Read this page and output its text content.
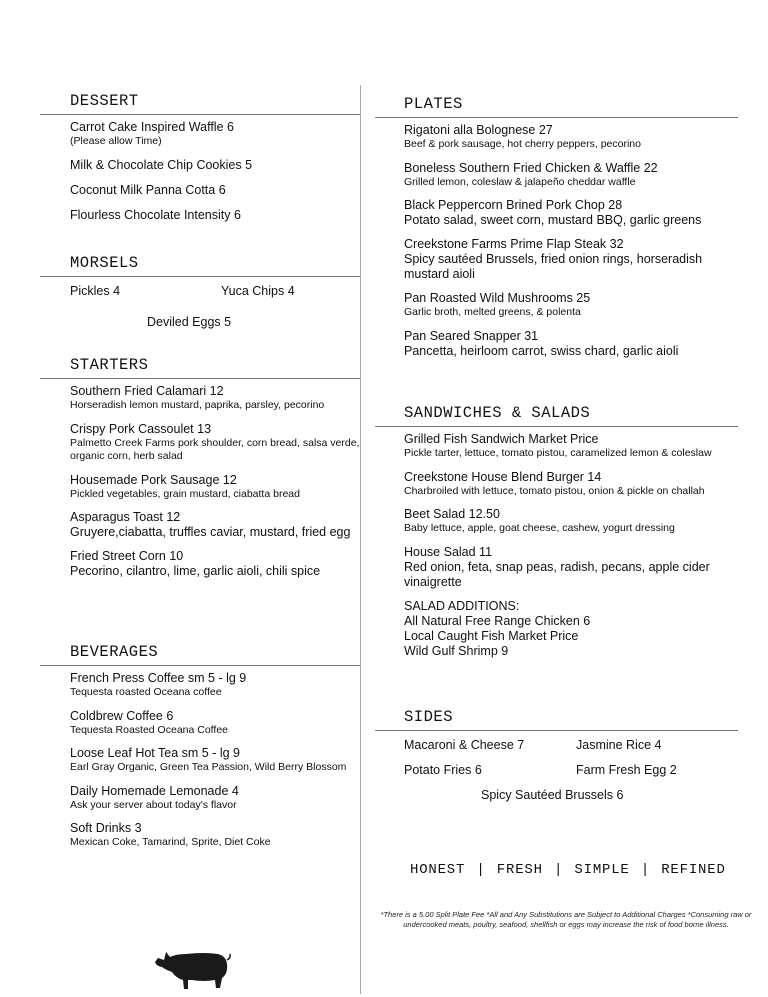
DESSERT
Carrot Cake Inspired Waffle 6
(Please allow Time)
Milk & Chocolate Chip Cookies 5
Coconut Milk Panna Cotta 6
Flourless Chocolate Intensity 6
MORSELS
Pickles 4	Yuca Chips 4
Deviled Eggs 5
STARTERS
Southern Fried Calamari 12
Horseradish lemon mustard, paprika, parsley, pecorino
Crispy Pork Cassoulet 13
Palmetto Creek Farms pork shoulder, corn bread, salsa verde, organic corn, herb salad
Housemade Pork Sausage 12
Pickled vegetables, grain mustard, ciabatta bread
Asparagus Toast 12
Gruyere,ciabatta, truffles caviar, mustard, fried egg
Fried Street Corn 10
Pecorino, cilantro, lime, garlic aioli, chili spice
BEVERAGES
French Press Coffee sm 5 - lg 9
Tequesta roasted Oceana coffee
Coldbrew Coffee 6
Tequesta Roasted Oceana Coffee
Loose Leaf Hot Tea sm 5 - lg 9
Earl Gray Organic, Green Tea Passion, Wild Berry Blossom
Daily Homemade Lemonade 4
Ask your server about today's flavor
Soft Drinks 3
Mexican Coke, Tamarind, Sprite, Diet Coke
PLATES
Rigatoni alla Bolognese 27
Beef & pork sausage, hot cherry peppers, pecorino
Boneless Southern Fried Chicken & Waffle 22
Grilled lemon, coleslaw & jalapeño cheddar waffle
Black Peppercorn Brined Pork Chop 28
Potato salad, sweet corn, mustard BBQ, garlic greens
Creekstone Farms Prime Flap Steak 32
Spicy sautéed Brussels, fried onion rings, horseradish mustard aioli
Pan Roasted Wild Mushrooms 25
Garlic broth, melted greens, & polenta
Pan Seared Snapper 31
Pancetta, heirloom carrot, swiss chard, garlic aioli
SANDWICHES & SALADS
Grilled Fish Sandwich Market Price
Pickle tarter, lettuce, tomato pistou, caramelized lemon & coleslaw
Creekstone House Blend Burger 14
Charbroiled with lettuce, tomato pistou, onion & pickle on challah
Beet Salad 12.50
Baby lettuce, apple, goat cheese, cashew, yogurt dressing
House Salad 11
Red onion, feta, snap peas, radish, pecans, apple cider vinaigrette
SALAD ADDITIONS:
All Natural Free Range Chicken 6
Local Caught Fish Market Price
Wild Gulf Shrimp 9
SIDES
Macaroni & Cheese 7	Jasmine Rice 4
Potato Fries 6	Farm Fresh Egg 2
Spicy Sautéed Brussels 6
HONEST | FRESH | SIMPLE | REFINED
*There is a 5.00 Split Plate Fee *All and Any Substitutions are Subject to Additional Charges *Consuming raw or undercooked meats, poultry, seafood, shellfish or eggs may increase the risk of food borne illness.
